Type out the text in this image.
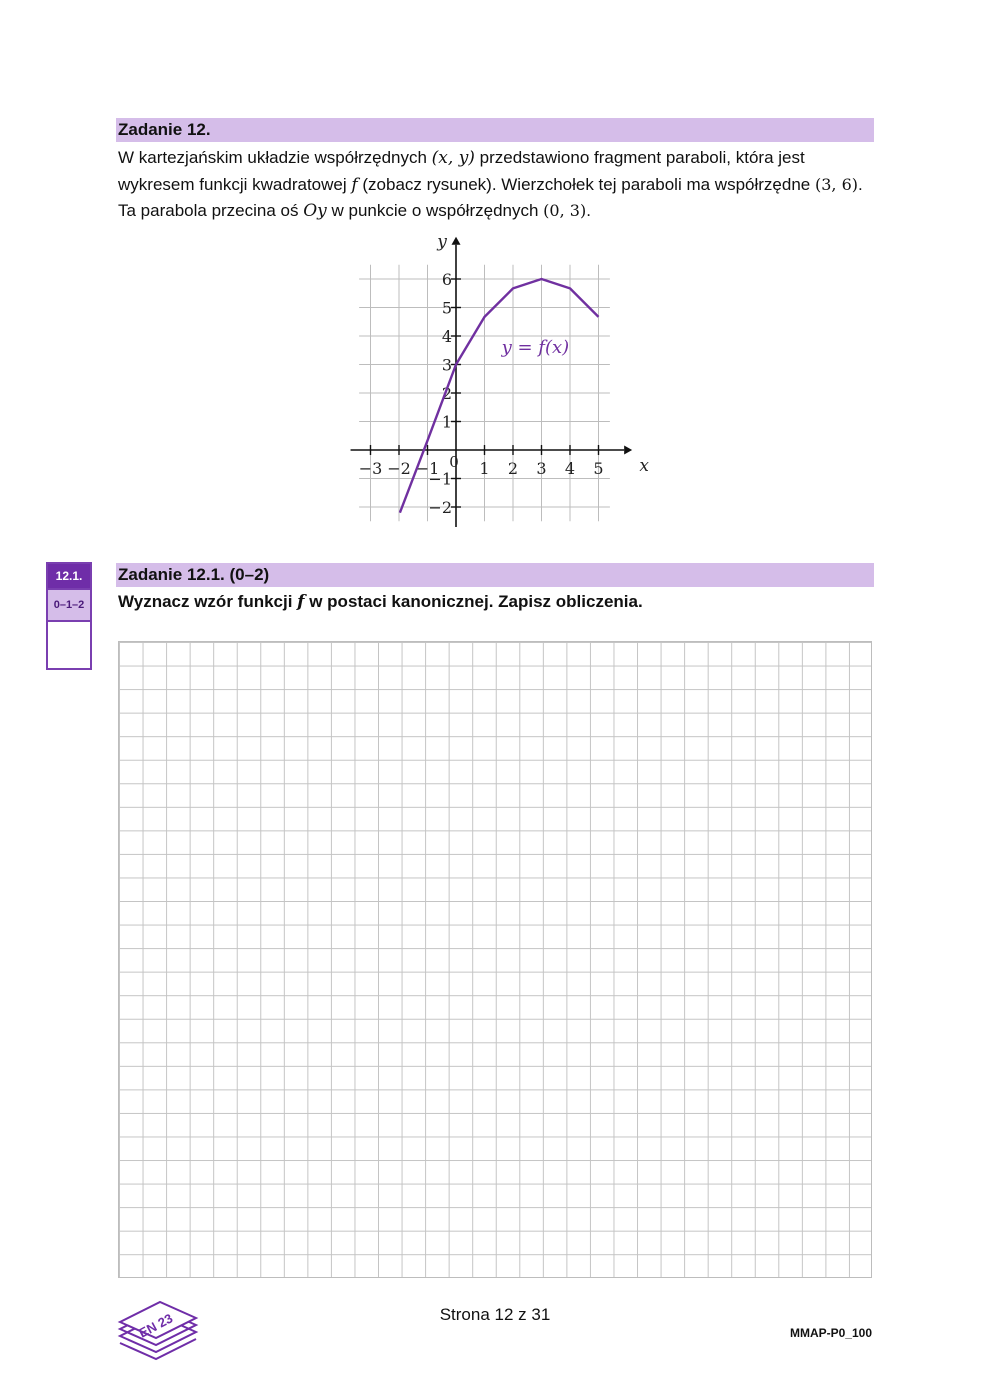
Zadanie 12.
W kartezjańskim układzie współrzędnych (x, y) przedstawiono fragment paraboli, która jest wykresem funkcji kwadratowej f (zobacz rysunek). Wierzchołek tej paraboli ma współrzędne (3, 6). Ta parabola przecina oś Oy w punkcie o współrzędnych (0, 3).
−3 −2 −1	1 2 3 4 5
−2
−1
1
2
3
4
5
6
0	x
y
y = f(x)
12.1.
0–1–2
Zadanie 12.1. (0–2)
Wyznacz wzór funkcji f w postaci kanonicznej. Zapisz obliczenia.
EN 23	Strona 12 z 31
MMAP-P0_100
